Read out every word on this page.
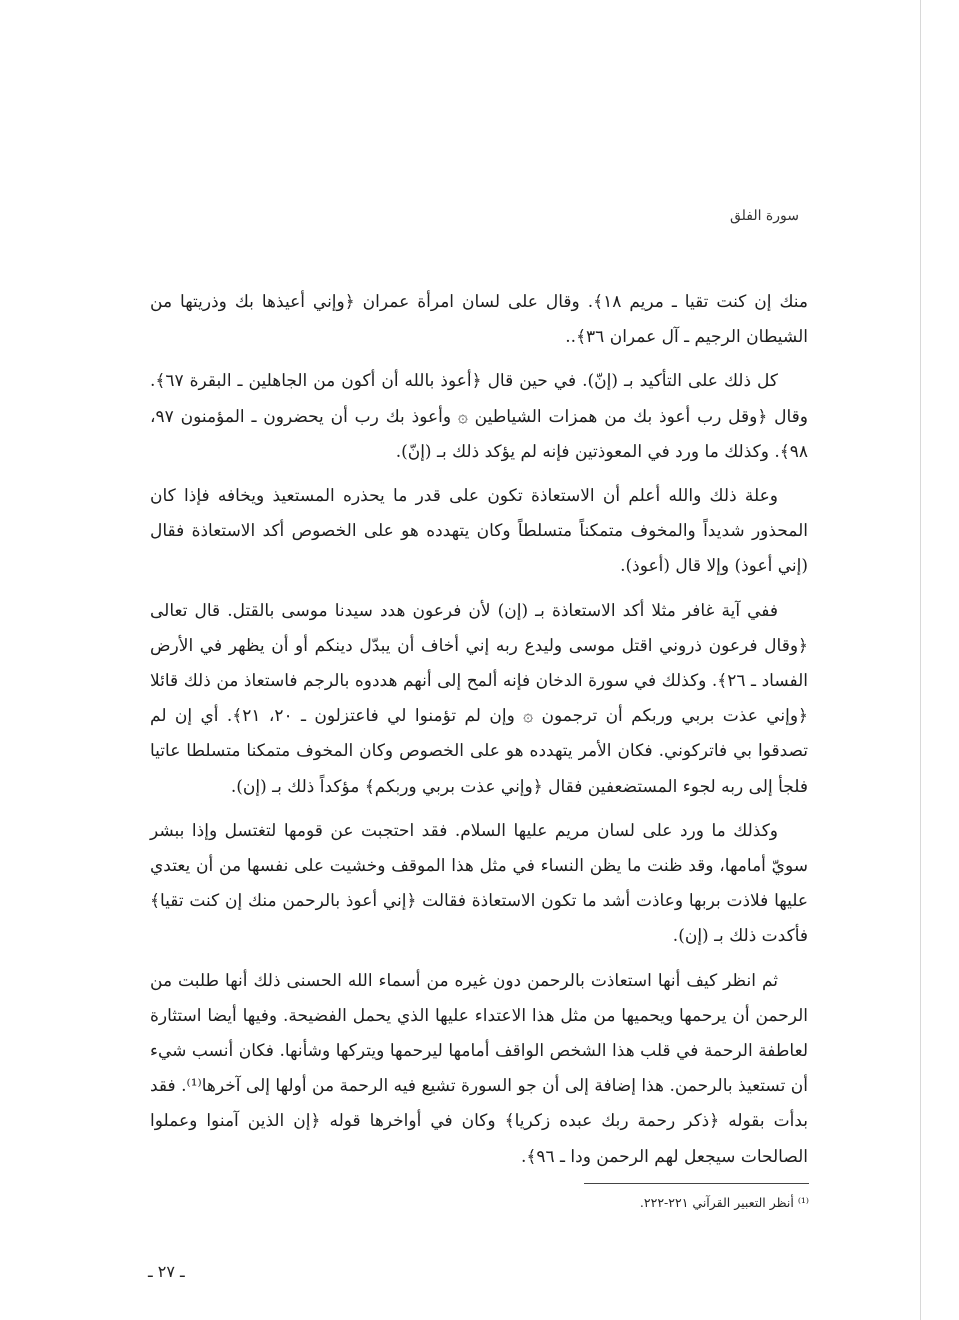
سورة الفلق

منك إن كنت تقيا ـ مريم ١٨﴾. وقال على لسان امرأة عمران ﴿وإني أعيذها بك وذريتها من الشيطان الرجيم ـ آل عمران ٣٦﴾..

كل ذلك على التأكيد بـ (إنّ). في حين قال ﴿أعوذ بالله أن أكون من الجاهلين ـ البقرة ٦٧﴾. وقال ﴿وقل رب أعوذ بك من همزات الشياطين ۞ وأعوذ بك رب أن يحضرون ـ المؤمنون ٩٧، ٩٨﴾. وكذلك ما ورد في المعوذتين فإنه لم يؤكد ذلك بـ (إنّ).

وعلة ذلك والله أعلم أن الاستعاذة تكون على قدر ما يحذره المستعيذ ويخافه فإذا كان المحذور شديداً والمخوف متمكناً متسلطاً وكان يتهدده هو على الخصوص أكد الاستعاذة فقال (إني أعوذ) وإلا قال (أعوذ).

ففي آية غافر مثلا أكد الاستعاذة بـ (إن) لأن فرعون هدد سيدنا موسى بالقتل. قال تعالى ﴿وقال فرعون ذروني اقتل موسى وليدع ربه إني أخاف أن يبدّل دينكم أو أن يظهر في الأرض الفساد ـ ٢٦﴾. وكذلك في سورة الدخان فإنه ألمح إلى أنهم هددوه بالرجم فاستعاذ من ذلك قائلا ﴿وإني عذت بربي وربكم أن ترجمون ۞ وإن لم تؤمنوا لي فاعتزلون ـ ٢٠، ٢١﴾. أي إن لم تصدقوا بي فاتركوني. فكان الأمر يتهدده هو على الخصوص وكان المخوف متمكنا متسلطا عاتيا فلجأ إلى ربه لجوء المستضعفين فقال ﴿وإني عذت بربي وربكم﴾ مؤكداً ذلك بـ (إن).

وكذلك ما ورد على لسان مريم عليها السلام. فقد احتجبت عن قومها لتغتسل وإذا ببشر سويّ أمامها، وقد ظنت ما يظن النساء في مثل هذا الموقف وخشيت على نفسها من أن يعتدي عليها فلاذت بربها وعاذت أشد ما تكون الاستعاذة فقالت ﴿إني أعوذ بالرحمن منك إن كنت تقيا﴾ فأكدت ذلك بـ (إن).

ثم انظر كيف أنها استعاذت بالرحمن دون غيره من أسماء الله الحسنى ذلك أنها طلبت من الرحمن أن يرحمها ويحميها من مثل هذا الاعتداء عليها الذي يحمل الفضيحة. وفيها أيضا استثارة لعاطفة الرحمة في قلب هذا الشخص الواقف أمامها ليرحمها ويتركها وشأنها. فكان أنسب شيء أن تستعيذ بالرحمن. هذا إضافة إلى أن جو السورة تشيع فيه الرحمة من أولها إلى آخرها⁽¹⁾. فقد بدأت بقوله ﴿ذكر رحمة ربك عبده زكريا﴾ وكان في أواخرها قوله ﴿إن الذين آمنوا وعملوا الصالحات سيجعل لهم الرحمن ودا ـ ٩٦﴾.

⁽¹⁾ أنظر التعبير القرآني ٢٢١-٢٢٢.
ـ ٢٧ ـ
